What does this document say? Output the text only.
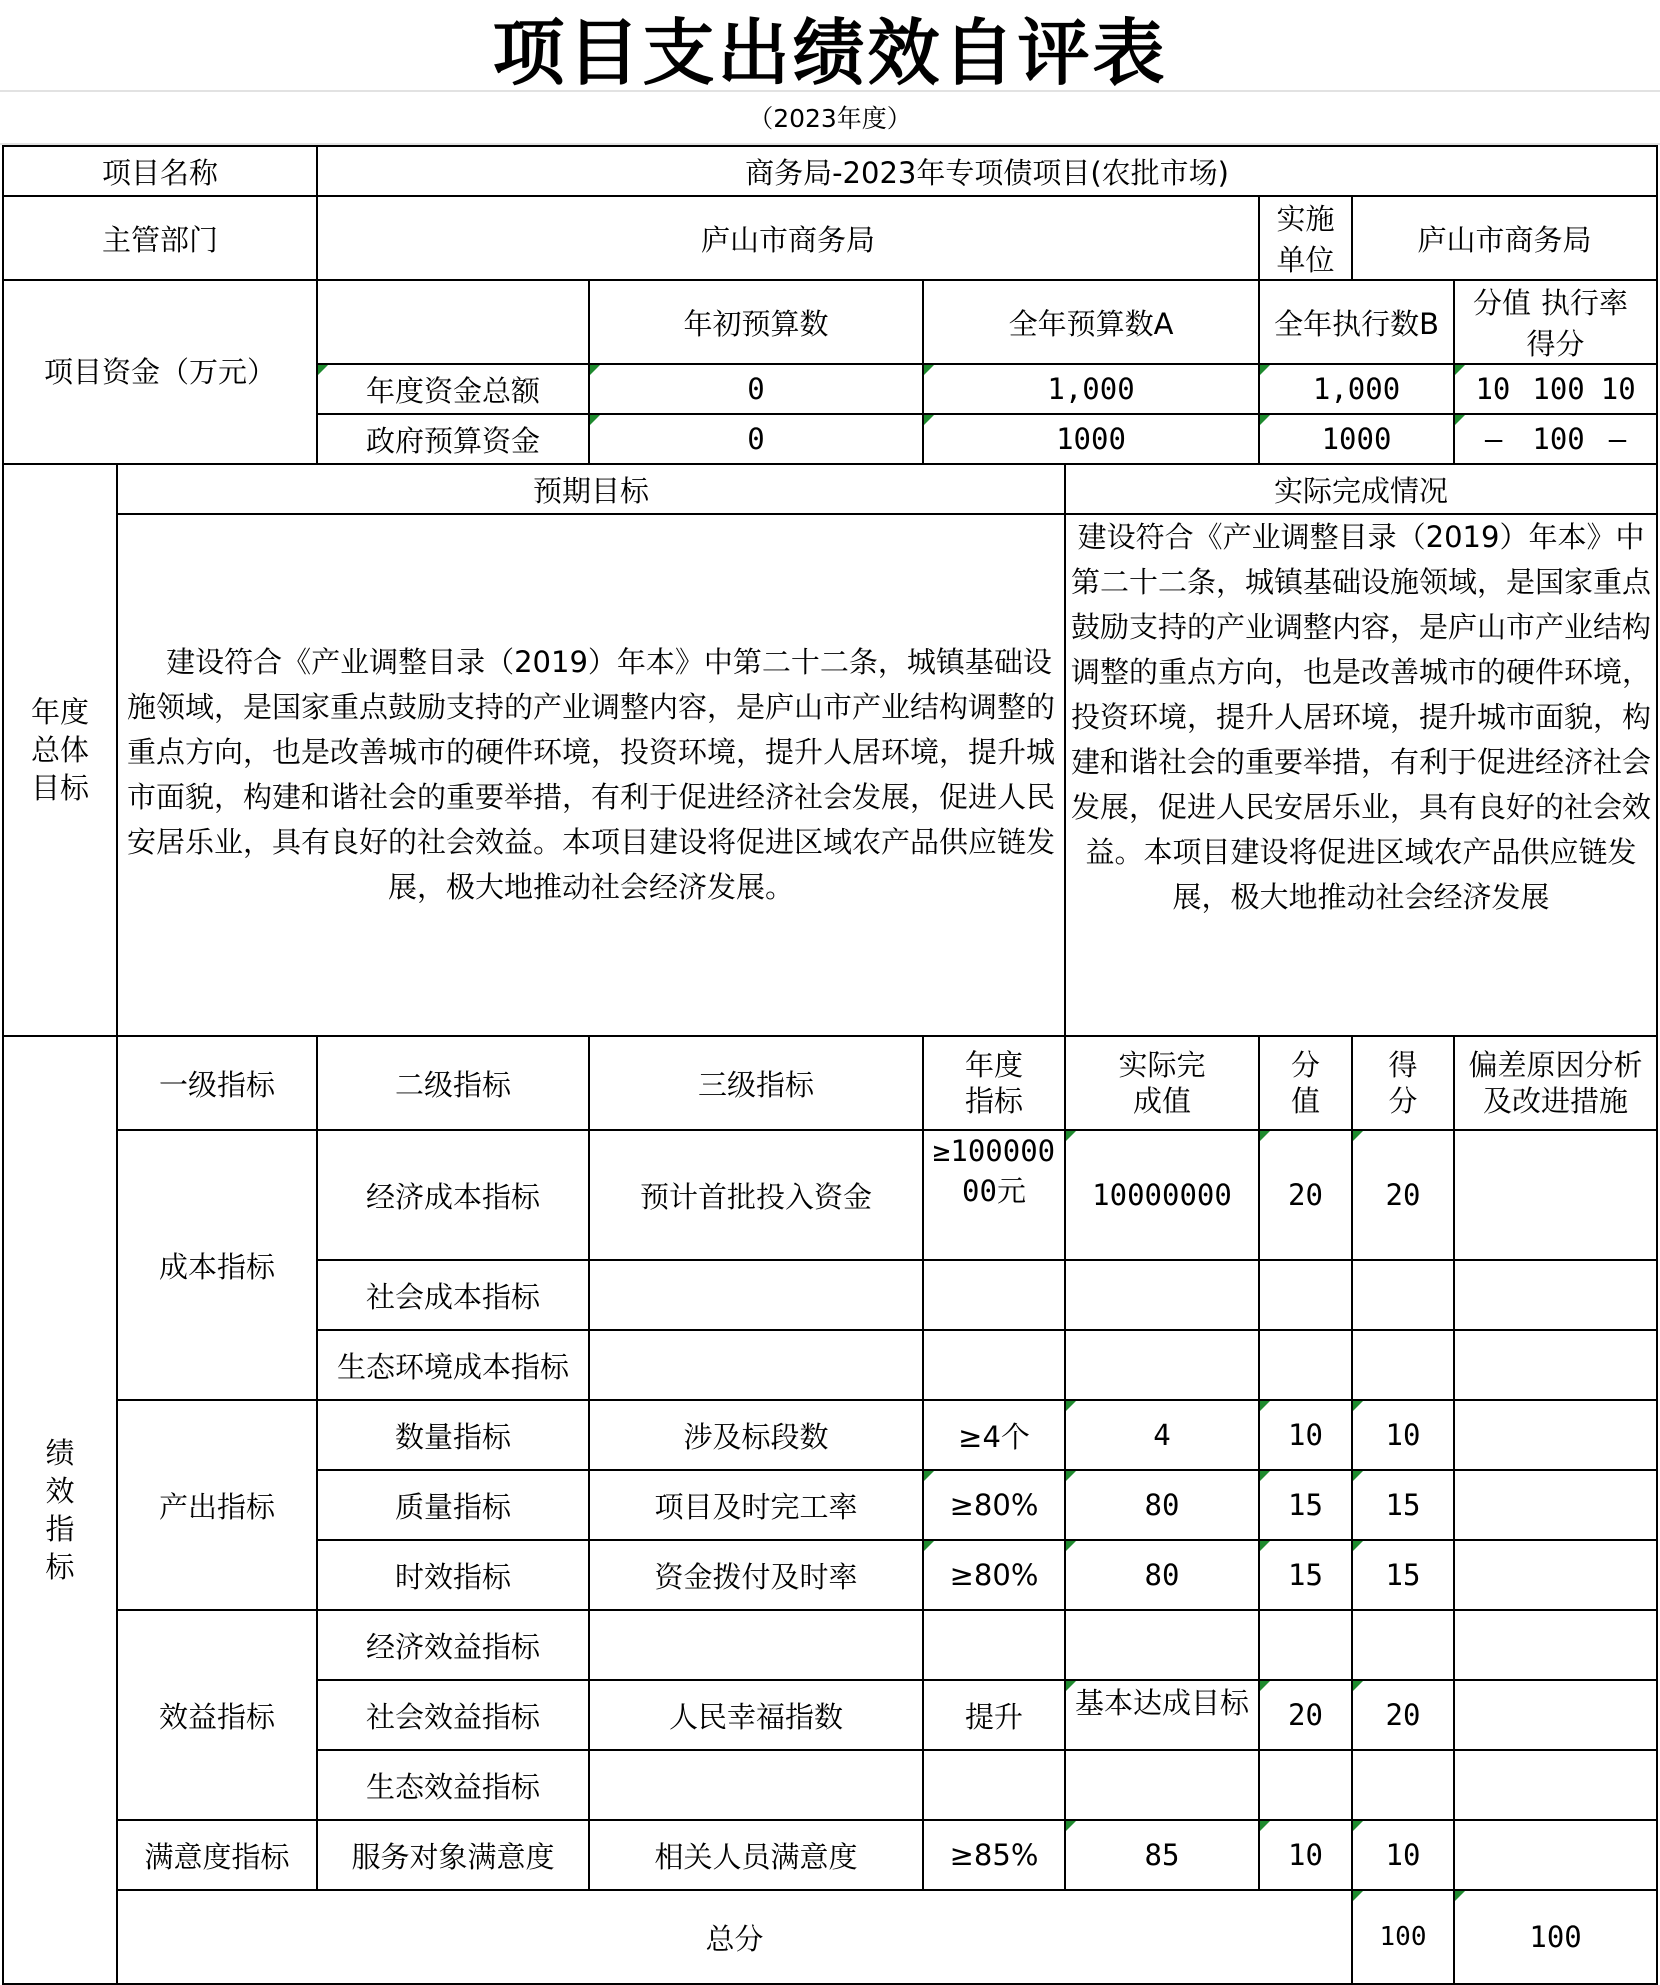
项目支出绩效自评表
（2023年度）
项目名称		商务局-2023年专项债项目(农批市场)							
主管部门		庐山市商务局				实施单位	庐山市商务局		
项目资金（万元）			年初预算数	全年预算数A		全年执行数B		分值 执行率得分	
		年度资金总额	0	1,000		1,000		10 100 10	
		政府预算资金	0	1000		1000		— 100 —	
年度总体目标	预期目标				实际完成情况				

	建设符合《产业调整目录（2019）年本》中第二十二条，城镇基础设施领域，是国家重点鼓励支持的产业调整内容，是庐山市产业结构调整的重点方向，也是改善城市的硬件环境，投资环境，提升人居环境，提升城市面貌，构建和谐社会的重要举措，有利于促进经济社会发展，促进人民安居乐业，具有良好的社会效益。本项目建设将促进区域农产品供应链发展，极大地推动社会经济发展。				建设符合《产业调整目录（2019）年本》中第二十二条，城镇基础设施领域，是国家重点鼓励支持的产业调整内容，是庐山市产业结构调整的重点方向，也是改善城市的硬件环境，投资环境，提升人居环境，提升城市面貌，构建和谐社会的重要举措，有利于促进经济社会发展，促进人民安居乐业，具有良好的社会效益。本项目建设将促进区域农产品供应链发展，极大地推动社会经济发展				

绩效指标	一级指标	二级指标	三级指标	年度指标	实际完成值	分值	得分	偏差原因分析及改进措施	
	成本指标	经济成本指标	预计首批投入资金	≥10000000元	10000000	20	20		
		社会成本指标							
		生态环境成本指标							
	产出指标	数量指标	涉及标段数	≥4个	4	10	10		
		质量指标	项目及时完工率	≥80%	80	15	15		
		时效指标	资金拨付及时率	≥80%	80	15	15		
	效益指标	经济效益指标							
		社会效益指标	人民幸福指数	提升	基本达成目标	20	20		
		生态效益指标							
	满意度指标	服务对象满意度	相关人员满意度	≥85%	85	10	10		
	总分						100	100	
